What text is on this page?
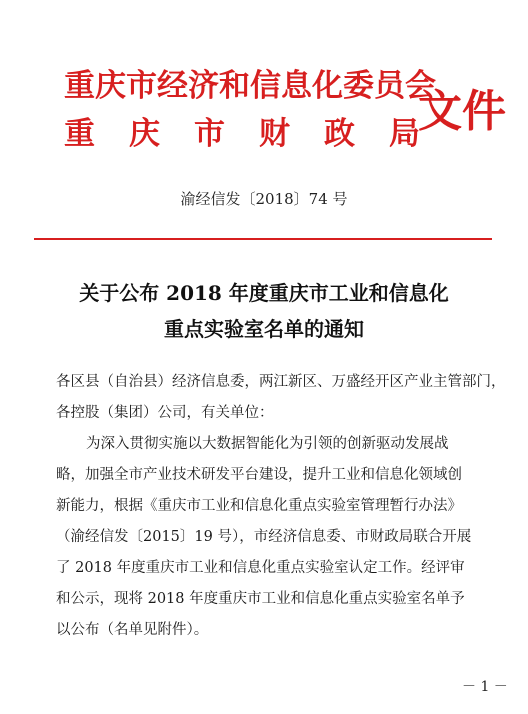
重庆市经济和信息化委员会
重庆市财政局
文件
渝经信发〔2018〕74 号
关于公布 2018 年度重庆市工业和信息化
重点实验室名单的通知
各区县（自治县）经济信息委，两江新区、万盛经开区产业主管部门，
各控股（集团）公司，有关单位：
为深入贯彻实施以大数据智能化为引领的创新驱动发展战
略，加强全市产业技术研发平台建设，提升工业和信息化领域创
新能力，根据《重庆市工业和信息化重点实验室管理暂行办法》
（渝经信发〔2015〕19 号），市经济信息委、市财政局联合开展
了 2018 年度重庆市工业和信息化重点实验室认定工作。经评审
和公示，现将 2018 年度重庆市工业和信息化重点实验室名单予
以公布（名单见附件）。
－ 1 －
